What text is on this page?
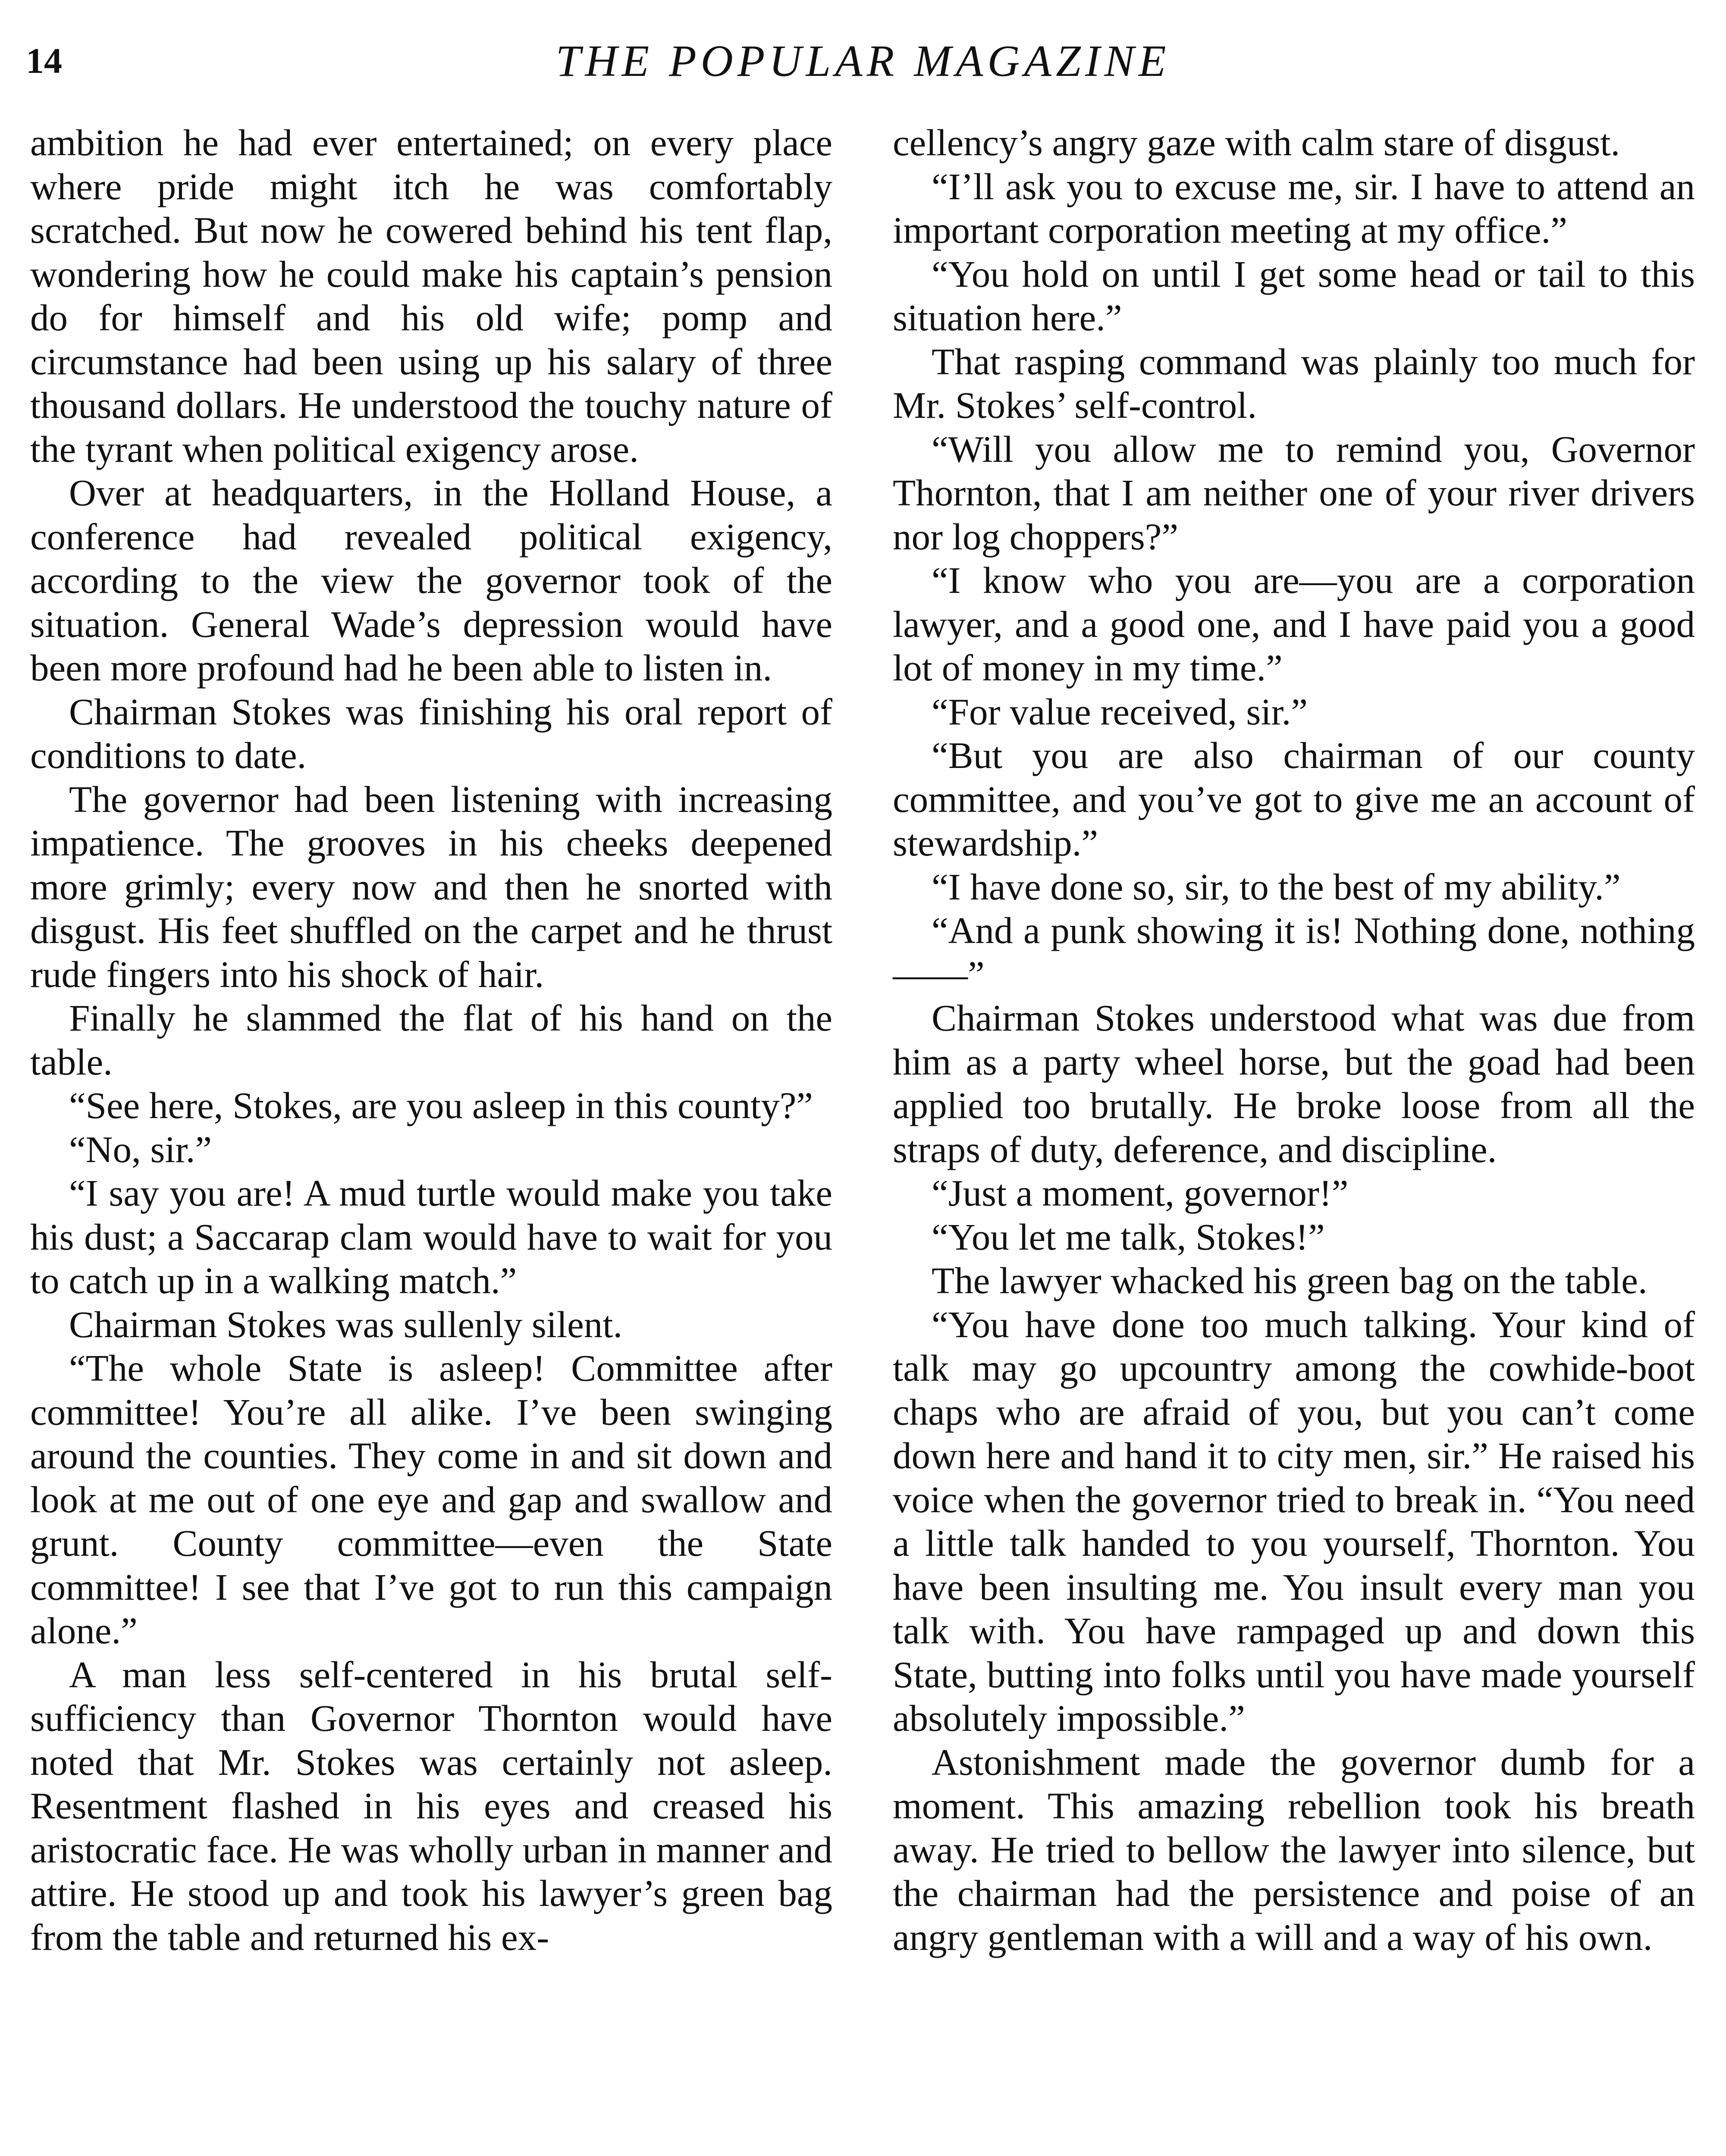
14	THE POPULAR MAGAZINE

ambition he had ever entertained; on every place where pride might itch he was comfortably scratched. But now he cowered behind his tent flap, wondering how he could make his captain’s pension do for himself and his old wife; pomp and circumstance had been using up his salary of three thousand dollars. He understood the touchy nature of the tyrant when political exigency arose.

Over at headquarters, in the Holland House, a conference had revealed political exigency, according to the view the governor took of the situation. General Wade’s depression would have been more profound had he been able to listen in.

Chairman Stokes was finishing his oral report of conditions to date.

The governor had been listening with increasing impatience. The grooves in his cheeks deepened more grimly; every now and then he snorted with disgust. His feet shuffled on the carpet and he thrust rude fingers into his shock of hair.

Finally he slammed the flat of his hand on the table.

“See here, Stokes, are you asleep in this county?”

“No, sir.”

“I say you are! A mud turtle would make you take his dust; a Saccarap clam would have to wait for you to catch up in a walking match.”

Chairman Stokes was sullenly silent.

“The whole State is asleep! Committee after committee! You’re all alike. I’ve been swinging around the counties. They come in and sit down and look at me out of one eye and gap and swallow and grunt. County committee—even the State committee! I see that I’ve got to run this campaign alone.”

A man less self-centered in his brutal self-sufficiency than Governor Thornton would have noted that Mr. Stokes was certainly not asleep. Resentment flashed in his eyes and creased his aristocratic face. He was wholly urban in manner and attire. He stood up and took his lawyer’s green bag from the table and returned his ex-

cellency’s angry gaze with calm stare of disgust.

“I’ll ask you to excuse me, sir. I have to attend an important corporation meeting at my office.”

“You hold on until I get some head or tail to this situation here.”

That rasping command was plainly too much for Mr. Stokes’ self-control.

“Will you allow me to remind you, Governor Thornton, that I am neither one of your river drivers nor log choppers?”

“I know who you are—you are a corporation lawyer, and a good one, and I have paid you a good lot of money in my time.”

“For value received, sir.”

“But you are also chairman of our county committee, and you’ve got to give me an account of stewardship.”

“I have done so, sir, to the best of my ability.”

“And a punk showing it is! Nothing done, nothing——”

Chairman Stokes understood what was due from him as a party wheel horse, but the goad had been applied too brutally. He broke loose from all the straps of duty, deference, and discipline.

“Just a moment, governor!”

“You let me talk, Stokes!”

The lawyer whacked his green bag on the table.

“You have done too much talking. Your kind of talk may go upcountry among the cowhide-boot chaps who are afraid of you, but you can’t come down here and hand it to city men, sir.” He raised his voice when the governor tried to break in. “You need a little talk handed to you yourself, Thornton. You have been insulting me. You insult every man you talk with. You have rampaged up and down this State, butting into folks until you have made yourself absolutely impossible.”

Astonishment made the governor dumb for a moment. This amazing rebellion took his breath away. He tried to bellow the lawyer into silence, but the chairman had the persistence and poise of an angry gentleman with a will and a way of his own.
